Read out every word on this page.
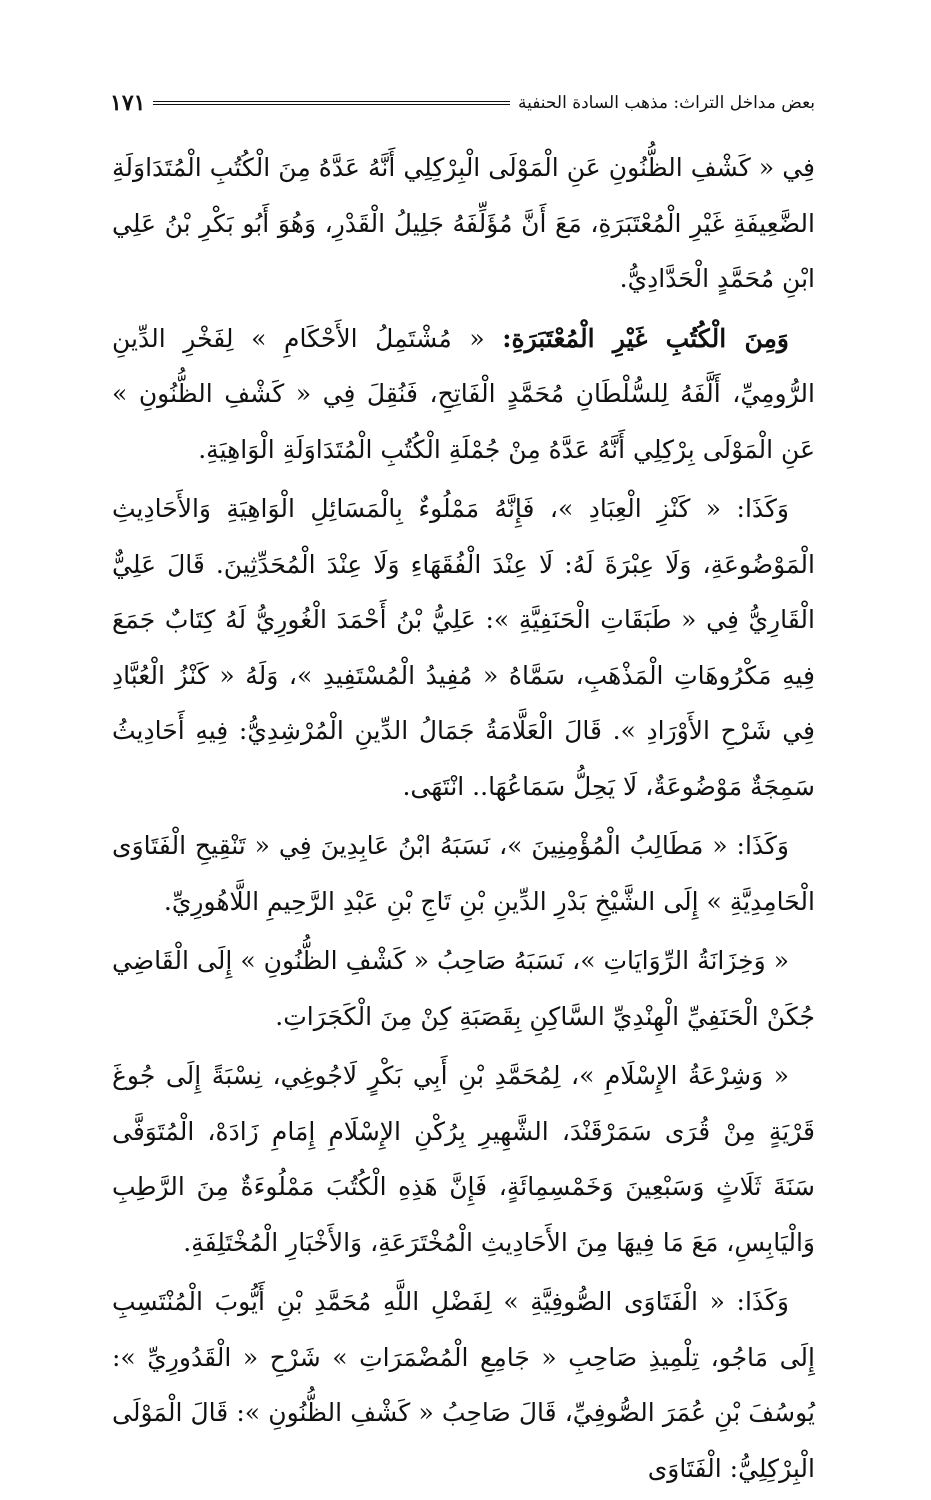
بعض مداخل التراث: مذهب السادة الحنفية
١٧١

فِي « كَشْفِ الظُّنُونِ عَنِ الْمَوْلَى الْبِرْكِلِي أَنَّهُ عَدَّهُ مِنَ الْكُتُبِ الْمُتَدَاوَلَةِ الضَّعِيفَةِ غَيْرِ الْمُعْتَبَرَةِ، مَعَ أَنَّ مُؤَلِّفَهُ جَلِيلُ الْقَدْرِ، وَهُوَ أَبُو بَكْرِ بْنُ عَلِي ابْنِ مُحَمَّدٍ الْحَدَّادِيُّ.

وَمِنَ الْكُتُبِ غَيْرِ الْمُعْتَبَرَةِ: « مُشْتَمِلُ الأَحْكَامِ » لِفَخْرِ الدِّينِ الرُّومِيِّ، أَلَّفَهُ لِلسُّلْطَانِ مُحَمَّدٍ الْفَاتِحِ، فَنُقِلَ فِي « كَشْفِ الظُّنُونِ » عَنِ الْمَوْلَى بِرْكِلِي أَنَّهُ عَدَّهُ مِنْ جُمْلَةِ الْكُتُبِ الْمُتَدَاوَلَةِ الْوَاهِيَةِ.

وَكَذَا: « كَنْزِ الْعِبَادِ »، فَإِنَّهُ مَمْلُوءٌ بِالْمَسَائِلِ الْوَاهِيَةِ وَالأَحَادِيثِ الْمَوْضُوعَةِ، وَلَا عِبْرَةَ لَهُ: لَا عِنْدَ الْفُقَهَاءِ وَلَا عِنْدَ الْمُحَدِّثِينَ. قَالَ عَلِيٌّ الْقَارِيُّ فِي « طَبَقَاتِ الْحَنَفِيَّةِ »: عَلِيُّ بْنُ أَحْمَدَ الْغُورِيُّ لَهُ كِتَابٌ جَمَعَ فِيهِ مَكْرُوهَاتِ الْمَذْهَبِ، سَمَّاهُ « مُفِيدُ الْمُسْتَفِيدِ »، وَلَهُ « كَنْزُ الْعُبَّادِ فِي شَرْحِ الأَوْرَادِ ». قَالَ الْعَلَّامَةُ جَمَالُ الدِّينِ الْمُرْشِدِيُّ: فِيهِ أَحَادِيثُ سَمِجَةٌ مَوْضُوعَةٌ، لَا يَحِلُّ سَمَاعُهَا.. انْتَهَى.

وَكَذَا: « مَطَالِبُ الْمُؤْمِنِينَ »، نَسَبَهُ ابْنُ عَابِدِينَ فِي « تَنْقِيحِ الْفَتَاوَى الْحَامِدِيَّةِ » إِلَى الشَّيْخِ بَدْرِ الدِّينِ بْنِ تَاجِ بْنِ عَبْدِ الرَّحِيمِ اللَّاهُورِيِّ.

« وَخِزَانَةُ الرِّوَايَاتِ »، نَسَبَهُ صَاحِبُ « كَشْفِ الظُّنُونِ » إِلَى الْقَاضِي جُكَنْ الْحَنَفِيِّ الْهِنْدِيِّ السَّاكِنِ بِقَصَبَةِ كِنْ مِنَ الْكَجَرَاتِ.

« وَشِرْعَةُ الإِسْلَامِ »، لِمُحَمَّدِ بْنِ أَبِي بَكْرٍ لَاجُوغِي، نِسْبَةً إِلَى جُوغَ قَرْيَةٍ مِنْ قُرَى سَمَرْقَنْدَ، الشَّهِيرِ بِرُكْنِ الإِسْلَامِ إِمَامِ زَادَهْ، الْمُتَوَفَّى سَنَةَ ثَلَاثٍ وَسَبْعِينَ وَخَمْسِمِائَةٍ، فَإِنَّ هَذِهِ الْكُتُبَ مَمْلُوءَةٌ مِنَ الرَّطِبِ وَالْيَابِسِ، مَعَ مَا فِيهَا مِنَ الأَحَادِيثِ الْمُخْتَرَعَةِ، وَالأَخْبَارِ الْمُخْتَلِفَةِ.

وَكَذَا: « الْفَتَاوَى الصُّوفِيَّةِ » لِفَضْلِ اللَّهِ مُحَمَّدِ بْنِ أَيُّوبَ الْمُنْتَسِبِ إِلَى مَاجُو، تِلْمِيذِ صَاحِبِ « جَامِعِ الْمُضْمَرَاتِ » شَرْحِ « الْقَدُورِيِّ »: يُوسُفَ بْنِ عُمَرَ الصُّوفِيِّ، قَالَ صَاحِبُ « كَشْفِ الظُّنُونِ »: قَالَ الْمَوْلَى الْبِرْكِلِيُّ: الْفَتَاوَى
